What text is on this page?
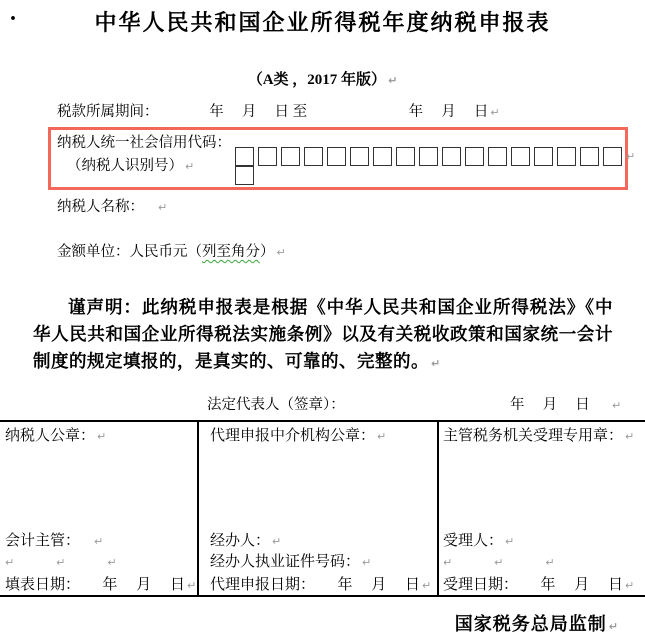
.	中华人民共和国企业所得税年度纳税申报表
（A类 ，2017 年版） ↵
税款所属期间：　　　　年　 月　 日 至　　　　　　　年　 月　 日 ↵
纳税人统一社会信用代码：
（纳税人识别号） ↵
↵
纳税人名称： ↵
金额单位：人民币元（列至角分） ↵
谨声明：此纳税申报表是根据《中华人民共和国企业所得税法》《中华人民共和国企业所得税法实施条例》以及有关税收政策和国家统一会计制度的规定填报的，是真实的、可靠的、完整的。 ↵
法定代表人（签章）：	年　 月　 日 ↵
纳税人公章： ↵	代理申报中介机构公章： ↵	主管税务机关受理专用章： ↵
会计主管： ↵	经办人： ↵	受理人： ↵
↵            ↵            ↵	经办人执业证件号码： ↵	↵            ↵            ↵
填表日期：　　年　 月　 日 ↵ 代理申报日期：　　年　 月　 日 ↵ 受理日期：　　年　 月　 日 ↵
国家税务总局监制 ↵
